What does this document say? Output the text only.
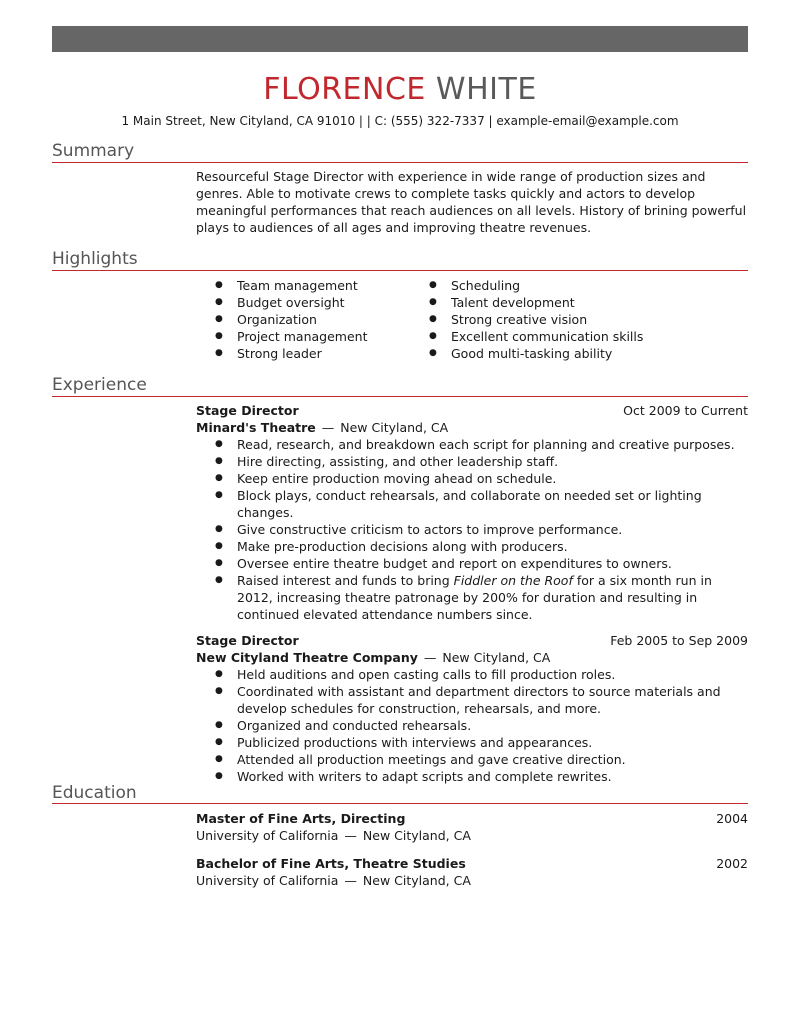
FLORENCE WHITE
1 Main Street, New Cityland, CA 91010 | | C: (555) 322-7337 | example-email@example.com
Summary

Resourceful Stage Director with experience in wide range of production sizes and genres. Able to motivate crews to complete tasks quickly and actors to develop meaningful performances that reach audiences on all levels. History of brining powerful plays to audiences of all ages and improving theatre revenues.

Highlights
● Team management
● Budget oversight
● Organization
● Project management
● Strong leader
● Scheduling
● Talent development
● Strong creative vision
● Excellent communication skills
● Good multi-tasking ability
Experience
Stage Director	Oct 2009 to Current
Minard's Theatre — New Cityland, CA
● Read, research, and breakdown each script for planning and creative purposes.
● Hire directing, assisting, and other leadership staff.
● Keep entire production moving ahead on schedule.
● Block plays, conduct rehearsals, and collaborate on needed set or lighting changes.
● Give constructive criticism to actors to improve performance.
● Make pre-production decisions along with producers.
● Oversee entire theatre budget and report on expenditures to owners.
● Raised interest and funds to bring Fiddler on the Roof for a six month run in 2012, increasing theatre patronage by 200% for duration and resulting in continued elevated attendance numbers since.
Stage Director	Feb 2005 to Sep 2009
New Cityland Theatre Company — New Cityland, CA
● Held auditions and open casting calls to fill production roles.
● Coordinated with assistant and department directors to source materials and develop schedules for construction, rehearsals, and more.
● Organized and conducted rehearsals.
● Publicized productions with interviews and appearances.
● Attended all production meetings and gave creative direction.
● Worked with writers to adapt scripts and complete rewrites.
Education
Master of Fine Arts, Directing	2004
University of California — New Cityland, CA
Bachelor of Fine Arts, Theatre Studies	2002
University of California — New Cityland, CA
